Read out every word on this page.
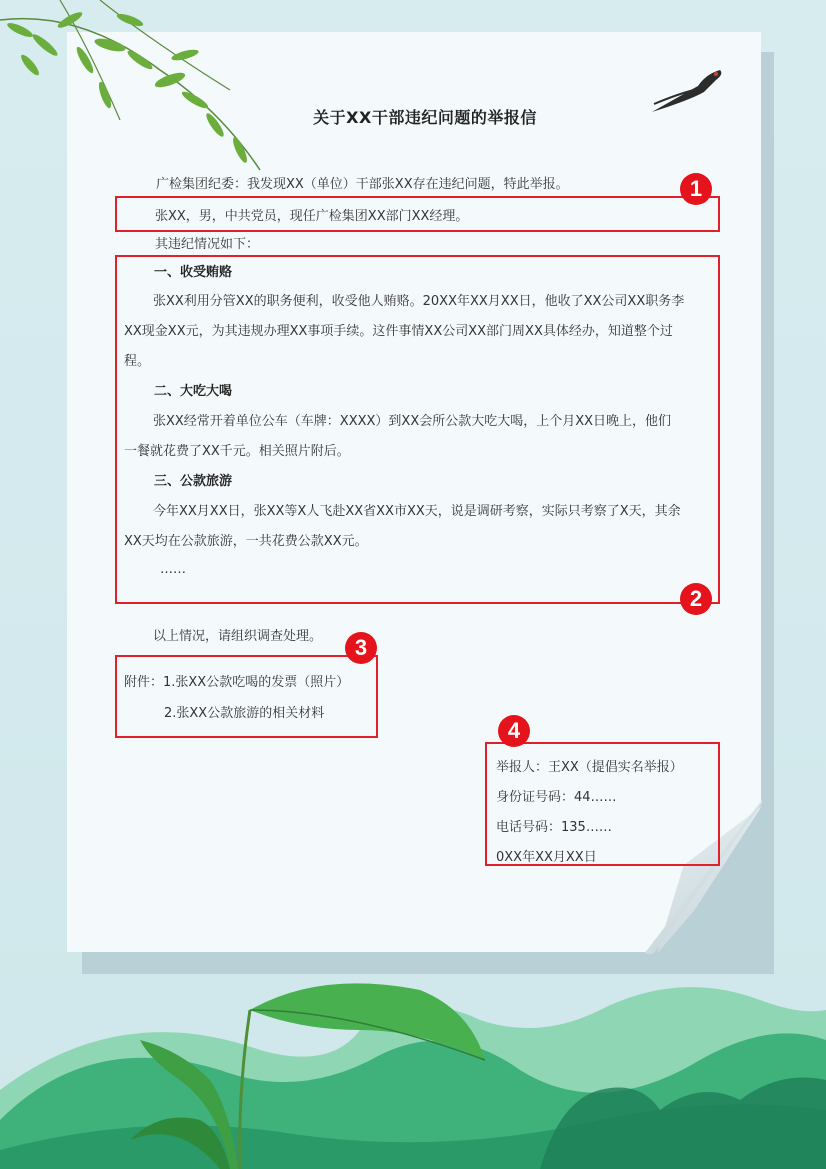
关于XX干部违纪问题的举报信
广检集团纪委：我发现XX（单位）干部张XX存在违纪问题，特此举报。
张XX，男，中共党员，现任广检集团XX部门XX经理。
其违纪情况如下：
一、收受贿赂
张XX利用分管XX的职务便利，收受他人贿赂。20XX年XX月XX日，他收了XX公司XX职务李
XX现金XX元，为其违规办理XX事项手续。这件事情XX公司XX部门周XX具体经办，知道整个过
程。
二、大吃大喝
张XX经常开着单位公车（车牌：XXXX）到XX会所公款大吃大喝，上个月XX日晚上，他们
一餐就花费了XX千元。相关照片附后。
三、公款旅游
今年XX月XX日，张XX等X人飞赴XX省XX市XX天，说是调研考察，实际只考察了X天，其余
XX天均在公款旅游，一共花费公款XX元。
……
以上情况，请组织调查处理。
附件：1.张XX公款吃喝的发票（照片）
2.张XX公款旅游的相关材料
举报人：王XX（提倡实名举报）
身份证号码：44……
电话号码：135……
0XX年XX月XX日
1
2
3
4
